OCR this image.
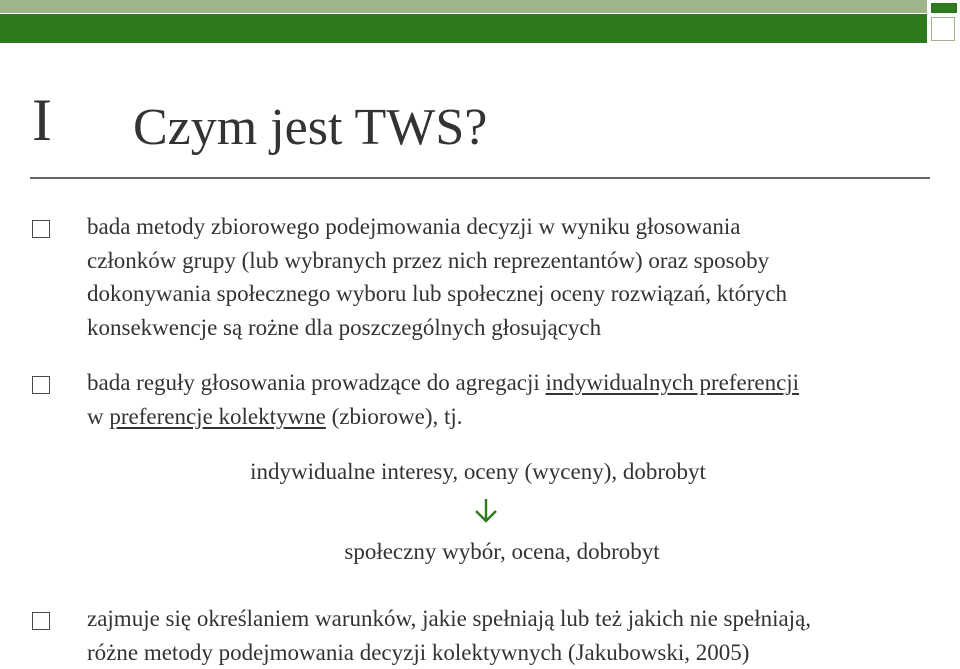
I Czym jest TWS?
bada metody zbiorowego podejmowania decyzji w wyniku głosowania
członków grupy (lub wybranych przez nich reprezentantów) oraz sposoby
dokonywania społecznego wyboru lub społecznej oceny rozwiązań, których
konsekwencje są rożne dla poszczególnych głosujących
bada reguły głosowania prowadzące do agregacji indywidualnych preferencji
w preferencje kolektywne (zbiorowe), tj.
indywidualne interesy, oceny (wyceny), dobrobyt
społeczny wybór, ocena, dobrobyt
zajmuje się określaniem warunków, jakie spełniają lub też jakich nie spełniają,
różne metody podejmowania decyzji kolektywnych (Jakubowski, 2005)
